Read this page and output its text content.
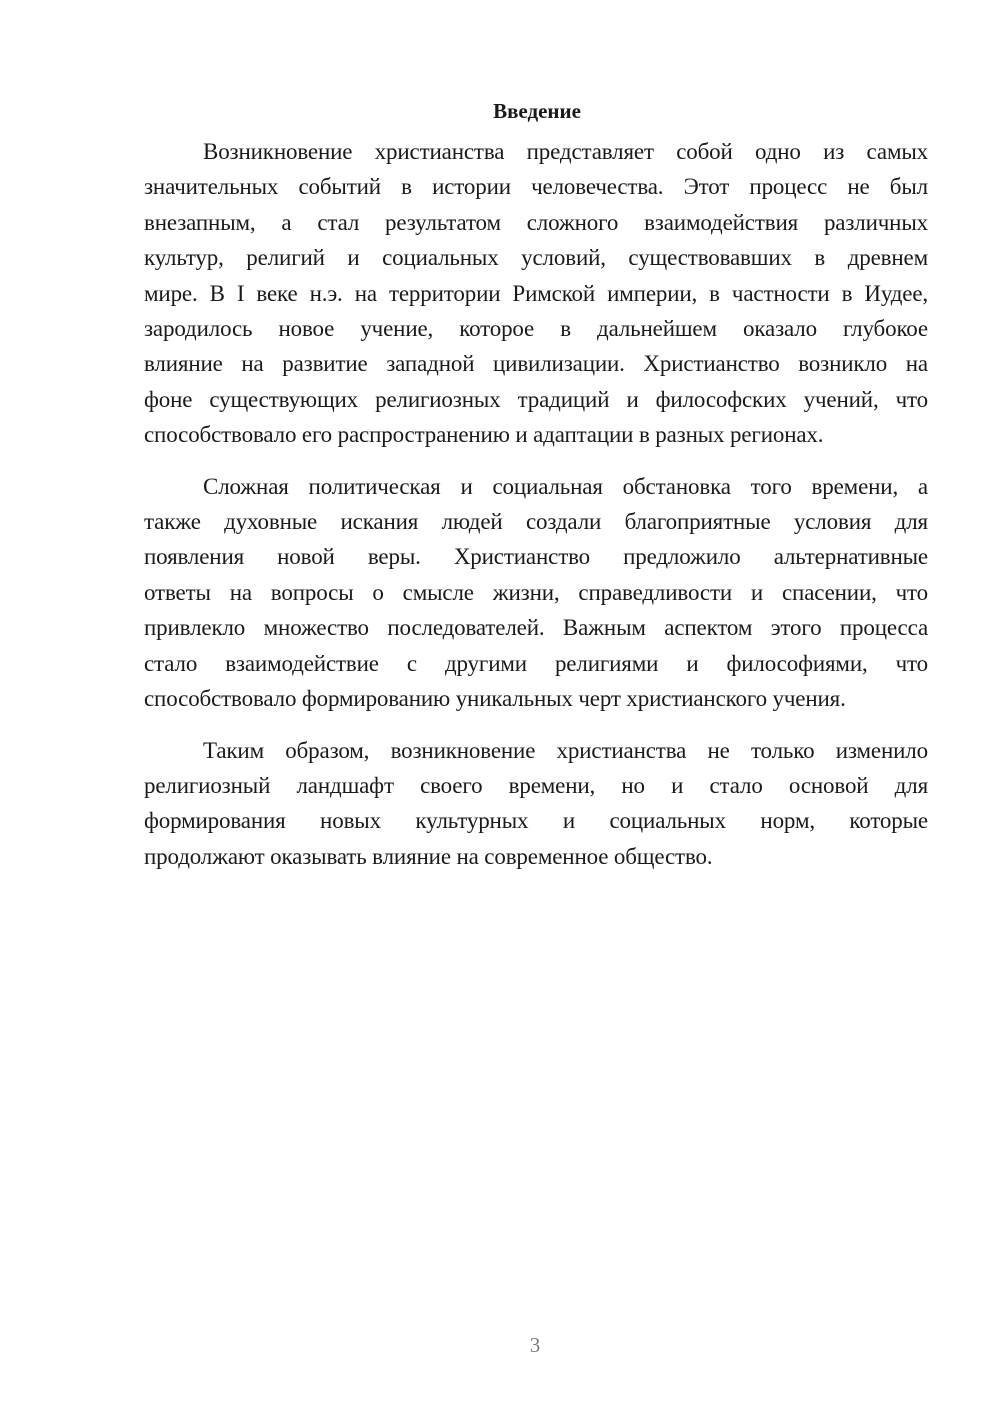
Введение
Возникновение христианства представляет собой одно из самых
значительных событий в истории человечества. Этот процесс не был
внезапным, а стал результатом сложного взаимодействия различных
культур, религий и социальных условий, существовавших в древнем
мире. В I веке н.э. на территории Римской империи, в частности в Иудее,
зародилось новое учение, которое в дальнейшем оказало глубокое
влияние на развитие западной цивилизации. Христианство возникло на
фоне существующих религиозных традиций и философских учений, что
способствовало его распространению и адаптации в разных регионах.
Сложная политическая и социальная обстановка того времени, а
также духовные искания людей создали благоприятные условия для
появления новой веры. Христианство предложило альтернативные
ответы на вопросы о смысле жизни, справедливости и спасении, что
привлекло множество последователей. Важным аспектом этого процесса
стало взаимодействие с другими религиями и философиями, что
способствовало формированию уникальных черт христианского учения.
Таким образом, возникновение христианства не только изменило
религиозный ландшафт своего времени, но и стало основой для
формирования новых культурных и социальных норм, которые
продолжают оказывать влияние на современное общество.
3
